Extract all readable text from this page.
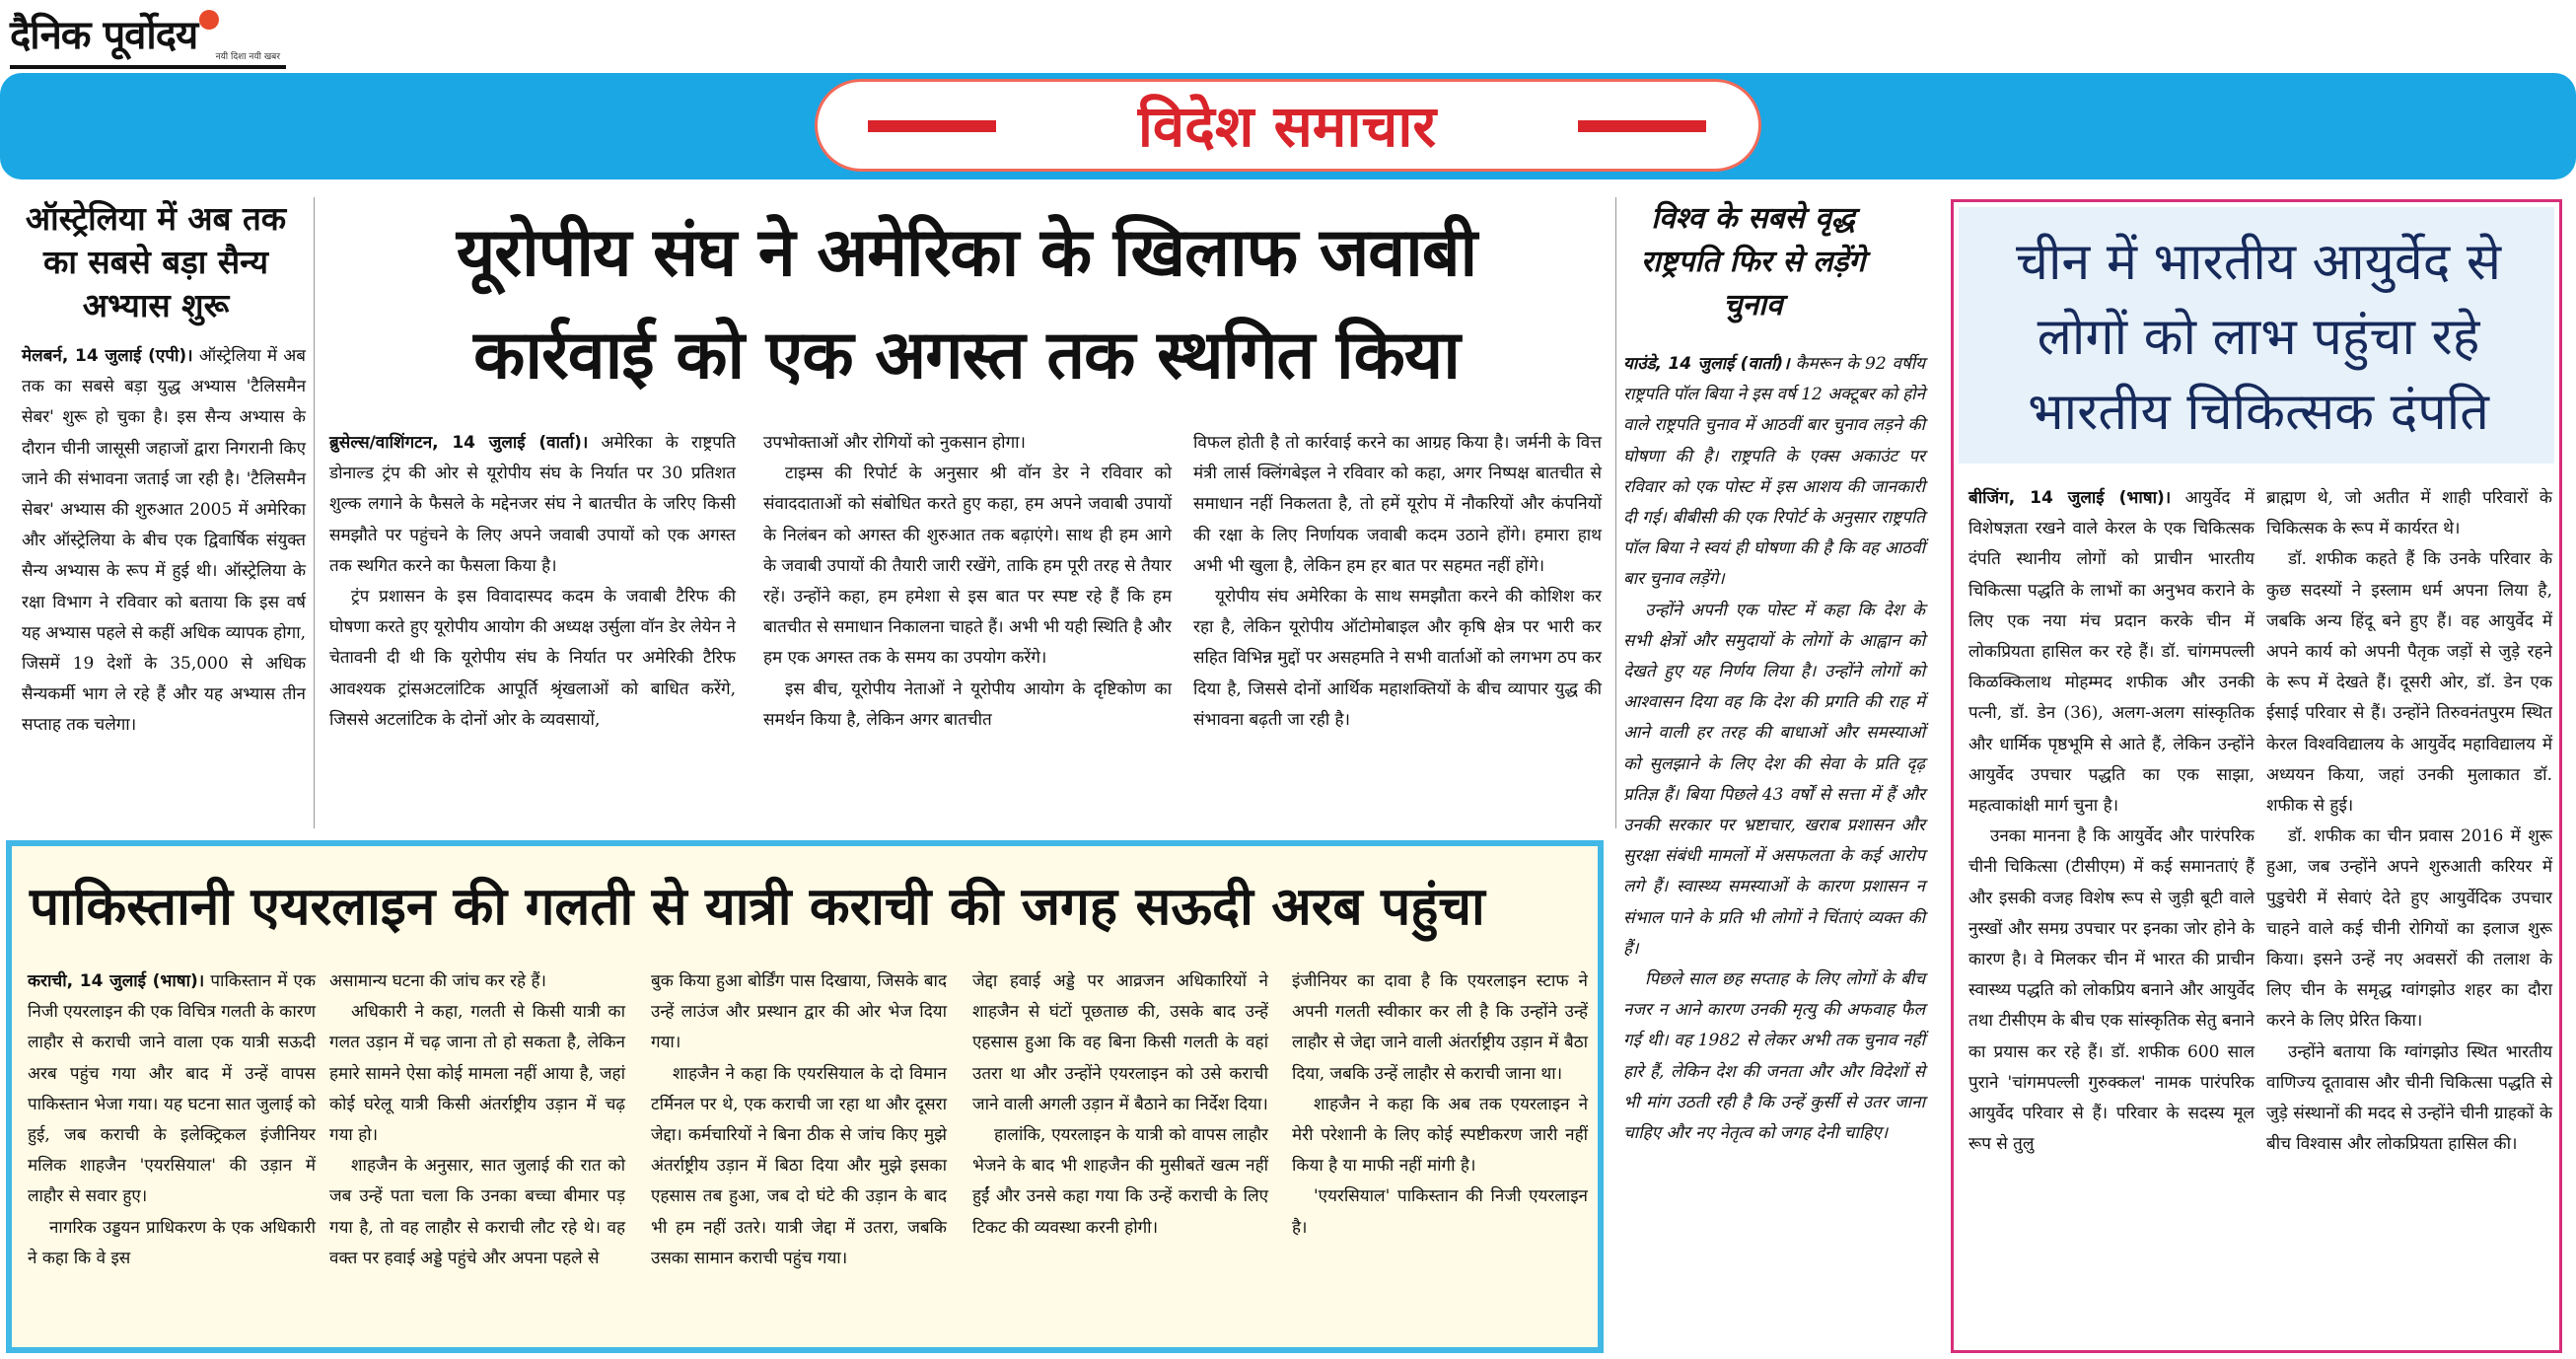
दैनिक पूर्वोदय नयी दिशा नयी खबर
विदेश समाचार
ऑस्ट्रेलिया में अब तक का सबसे बड़ा सैन्य अभ्यास शुरू

मेलबर्न, 14 जुलाई (एपी)। ऑस्ट्रेलिया में अब तक का सबसे बड़ा युद्ध अभ्यास 'टैलिसमैन सेबर' शुरू हो चुका है। इस सैन्य अभ्यास के दौरान चीनी जासूसी जहाजों द्वारा निगरानी किए जाने की संभावना जताई जा रही है। 'टैलिसमैन सेबर' अभ्यास की शुरुआत 2005 में अमेरिका और ऑस्ट्रेलिया के बीच एक द्विवार्षिक संयुक्त सैन्य अभ्यास के रूप में हुई थी। ऑस्ट्रेलिया के रक्षा विभाग ने रविवार को बताया कि इस वर्ष यह अभ्यास पहले से कहीं अधिक व्यापक होगा, जिसमें 19 देशों के 35,000 से अधिक सैन्यकर्मी भाग ले रहे हैं और यह अभ्यास तीन सप्ताह तक चलेगा।

यूरोपीय संघ ने अमेरिका के खिलाफ जवाबी
कार्रवाई को एक अगस्त तक स्थगित किया

ब्रुसेल्स/वाशिंगटन, 14 जुलाई (वार्ता)। अमेरिका के राष्ट्रपति डोनाल्ड ट्रंप की ओर से यूरोपीय संघ के निर्यात पर 30 प्रतिशत शुल्क लगाने के फैसले के मद्देनजर संघ ने बातचीत के जरिए किसी समझौते पर पहुंचने के लिए अपने जवाबी उपायों को एक अगस्त तक स्थगित करने का फैसला किया है।

ट्रंप प्रशासन के इस विवादास्पद कदम के जवाबी टैरिफ की घोषणा करते हुए यूरोपीय आयोग की अध्यक्ष उर्सुला वॉन डेर लेयेन ने चेतावनी दी थी कि यूरोपीय संघ के निर्यात पर अमेरिकी टैरिफ आवश्यक ट्रांसअटलांटिक आपूर्ति श्रृंखलाओं को बाधित करेंगे, जिससे अटलांटिक के दोनों ओर के व्यवसायों,

उपभोक्ताओं और रोगियों को नुकसान होगा।

टाइम्स की रिपोर्ट के अनुसार श्री वॉन डेर ने रविवार को संवाददाताओं को संबोधित करते हुए कहा, हम अपने जवाबी उपायों के निलंबन को अगस्त की शुरुआत तक बढ़ाएंगे। साथ ही हम आगे के जवाबी उपायों की तैयारी जारी रखेंगे, ताकि हम पूरी तरह से तैयार रहें। उन्होंने कहा, हम हमेशा से इस बात पर स्पष्ट रहे हैं कि हम बातचीत से समाधान निकालना चाहते हैं। अभी भी यही स्थिति है और हम एक अगस्त तक के समय का उपयोग करेंगे।

इस बीच, यूरोपीय नेताओं ने यूरोपीय आयोग के दृष्टिकोण का समर्थन किया है, लेकिन अगर बातचीत

विफल होती है तो कार्रवाई करने का आग्रह किया है। जर्मनी के वित्त मंत्री लार्स क्लिंगबेइल ने रविवार को कहा, अगर निष्पक्ष बातचीत से समाधान नहीं निकलता है, तो हमें यूरोप में नौकरियों और कंपनियों की रक्षा के लिए निर्णायक जवाबी कदम उठाने होंगे। हमारा हाथ अभी भी खुला है, लेकिन हम हर बात पर सहमत नहीं होंगे।

यूरोपीय संघ अमेरिका के साथ समझौता करने की कोशिश कर रहा है, लेकिन यूरोपीय ऑटोमोबाइल और कृषि क्षेत्र पर भारी कर सहित विभिन्न मुद्दों पर असहमति ने सभी वार्ताओं को लगभग ठप कर दिया है, जिससे दोनों आर्थिक महाशक्तियों के बीच व्यापार युद्ध की संभावना बढ़ती जा रही है।

विश्व के सबसे वृद्ध राष्ट्रपति फिर से लड़ेंगे चुनाव

याउंडे, 14 जुलाई (वार्ता)। कैमरून के 92 वर्षीय राष्ट्रपति पॉल बिया ने इस वर्ष 12 अक्टूबर को होने वाले राष्ट्रपति चुनाव में आठवीं बार चुनाव लड़ने की घोषणा की है। राष्ट्रपति के एक्स अकाउंट पर रविवार को एक पोस्ट में इस आशय की जानकारी दी गई। बीबीसी की एक रिपोर्ट के अनुसार राष्ट्रपति पॉल बिया ने स्वयं ही घोषणा की है कि वह आठवीं बार चुनाव लड़ेंगे।

उन्होंने अपनी एक पोस्ट में कहा कि देश के सभी क्षेत्रों और समुदायों के लोगों के आह्वान को देखते हुए यह निर्णय लिया है। उन्होंने लोगों को आश्वासन दिया वह कि देश की प्रगति की राह में आने वाली हर तरह की बाधाओं और समस्याओं को सुलझाने के लिए देश की सेवा के प्रति दृढ़ प्रतिज्ञ हैं। बिया पिछले 43 वर्षों से सत्ता में हैं और उनकी सरकार पर भ्रष्टाचार, खराब प्रशासन और सुरक्षा संबंधी मामलों में असफलता के कई आरोप लगे हैं। स्वास्थ्य समस्याओं के कारण प्रशासन न संभाल पाने के प्रति भी लोगों ने चिंताएं व्यक्त की हैं।

पिछले साल छह सप्ताह के लिए लोगों के बीच नजर न आने कारण उनकी मृत्यु की अफवाह फैल गई थी। वह 1982 से लेकर अभी तक चुनाव नहीं हारे हैं, लेकिन देश की जनता और और विदेशों से भी मांग उठती रही है कि उन्हें कुर्सी से उतर जाना चाहिए और नए नेतृत्व को जगह देनी चाहिए।

चीन में भारतीय आयुर्वेद से लोगों को लाभ पहुंचा रहे भारतीय चिकित्सक दंपति

बीजिंग, 14 जुलाई (भाषा)। आयुर्वेद में विशेषज्ञता रखने वाले केरल के एक चिकित्सक दंपति स्थानीय लोगों को प्राचीन भारतीय चिकित्सा पद्धति के लाभों का अनुभव कराने के लिए एक नया मंच प्रदान करके चीन में लोकप्रियता हासिल कर रहे हैं। डॉ. चांगमपल्ली किळक्किलाथ मोहम्मद शफीक और उनकी पत्नी, डॉ. डेन (36), अलग-अलग सांस्कृतिक और धार्मिक पृष्ठभूमि से आते हैं, लेकिन उन्होंने आयुर्वेद उपचार पद्धति का एक साझा, महत्वाकांक्षी मार्ग चुना है।

उनका मानना है कि आयुर्वेद और पारंपरिक चीनी चिकित्सा (टीसीएम) में कई समानताएं हैं और इसकी वजह विशेष रूप से जुड़ी बूटी वाले नुस्खों और समग्र उपचार पर इनका जोर होने के कारण है। वे मिलकर चीन में भारत की प्राचीन स्वास्थ्य पद्धति को लोकप्रिय बनाने और आयुर्वेद तथा टीसीएम के बीच एक सांस्कृतिक सेतु बनाने का प्रयास कर रहे हैं। डॉ. शफीक 600 साल पुराने 'चांगमपल्ली गुरुक्कल' नामक पारंपरिक आयुर्वेद परिवार से हैं। परिवार के सदस्य मूल रूप से तुलु

ब्राह्मण थे, जो अतीत में शाही परिवारों के चिकित्सक के रूप में कार्यरत थे।

डॉ. शफीक कहते हैं कि उनके परिवार के कुछ सदस्यों ने इस्लाम धर्म अपना लिया है, जबकि अन्य हिंदू बने हुए हैं। वह आयुर्वेद में अपने कार्य को अपनी पैतृक जड़ों से जुड़े रहने के रूप में देखते हैं। दूसरी ओर, डॉ. डेन एक ईसाई परिवार से हैं। उन्होंने तिरुवनंतपुरम स्थित केरल विश्वविद्यालय के आयुर्वेद महाविद्यालय में अध्ययन किया, जहां उनकी मुलाकात डॉ. शफीक से हुई।

डॉ. शफीक का चीन प्रवास 2016 में शुरू हुआ, जब उन्होंने अपने शुरुआती करियर में पुडुचेरी में सेवाएं देते हुए आयुर्वेदिक उपचार चाहने वाले कई चीनी रोगियों का इलाज शुरू किया। इसने उन्हें नए अवसरों की तलाश के लिए चीन के समृद्ध ग्वांगझोउ शहर का दौरा करने के लिए प्रेरित किया।

उन्होंने बताया कि ग्वांगझोउ स्थित भारतीय वाणिज्य दूतावास और चीनी चिकित्सा पद्धति से जुड़े संस्थानों की मदद से उन्होंने चीनी ग्राहकों के बीच विश्वास और लोकप्रियता हासिल की।

पाकिस्तानी एयरलाइन की गलती से यात्री कराची की जगह सऊदी अरब पहुंचा

कराची, 14 जुलाई (भाषा)। पाकिस्तान में एक निजी एयरलाइन की एक विचित्र गलती के कारण लाहौर से कराची जाने वाला एक यात्री सऊदी अरब पहुंच गया और बाद में उन्हें वापस पाकिस्तान भेजा गया। यह घटना सात जुलाई को हुई, जब कराची के इलेक्ट्रिकल इंजीनियर मलिक शाहजैन 'एयरसियाल' की उड़ान में लाहौर से सवार हुए।

नागरिक उड्डयन प्राधिकरण के एक अधिकारी ने कहा कि वे इस

असामान्य घटना की जांच कर रहे हैं।

अधिकारी ने कहा, गलती से किसी यात्री का गलत उड़ान में चढ़ जाना तो हो सकता है, लेकिन हमारे सामने ऐसा कोई मामला नहीं आया है, जहां कोई घरेलू यात्री किसी अंतर्राष्ट्रीय उड़ान में चढ़ गया हो।

शाहजैन के अनुसार, सात जुलाई की रात को जब उन्हें पता चला कि उनका बच्चा बीमार पड़ गया है, तो वह लाहौर से कराची लौट रहे थे। वह वक्त पर हवाई अड्डे पहुंचे और अपना पहले से

बुक किया हुआ बोर्डिंग पास दिखाया, जिसके बाद उन्हें लाउंज और प्रस्थान द्वार की ओर भेज दिया गया।

शाहजैन ने कहा कि एयरसियाल के दो विमान टर्मिनल पर थे, एक कराची जा रहा था और दूसरा जेद्दा। कर्मचारियों ने बिना ठीक से जांच किए मुझे अंतर्राष्ट्रीय उड़ान में बिठा दिया और मुझे इसका एहसास तब हुआ, जब दो घंटे की उड़ान के बाद भी हम नहीं उतरे। यात्री जेद्दा में उतरा, जबकि उसका सामान कराची पहुंच गया।

जेद्दा हवाई अड्डे पर आव्रजन अधिकारियों ने शाहजैन से घंटों पूछताछ की, उसके बाद उन्हें एहसास हुआ कि वह बिना किसी गलती के वहां उतरा था और उन्होंने एयरलाइन को उसे कराची जाने वाली अगली उड़ान में बैठाने का निर्देश दिया।

हालांकि, एयरलाइन के यात्री को वापस लाहौर भेजने के बाद भी शाहजैन की मुसीबतें खत्म नहीं हुईं और उनसे कहा गया कि उन्हें कराची के लिए टिकट की व्यवस्था करनी होगी।

इंजीनियर का दावा है कि एयरलाइन स्टाफ ने अपनी गलती स्वीकार कर ली है कि उन्होंने उन्हें लाहौर से जेद्दा जाने वाली अंतर्राष्ट्रीय उड़ान में बैठा दिया, जबकि उन्हें लाहौर से कराची जाना था।

शाहजैन ने कहा कि अब तक एयरलाइन ने मेरी परेशानी के लिए कोई स्पष्टीकरण जारी नहीं किया है या माफी नहीं मांगी है।

'एयरसियाल' पाकिस्तान की निजी एयरलाइन है।
